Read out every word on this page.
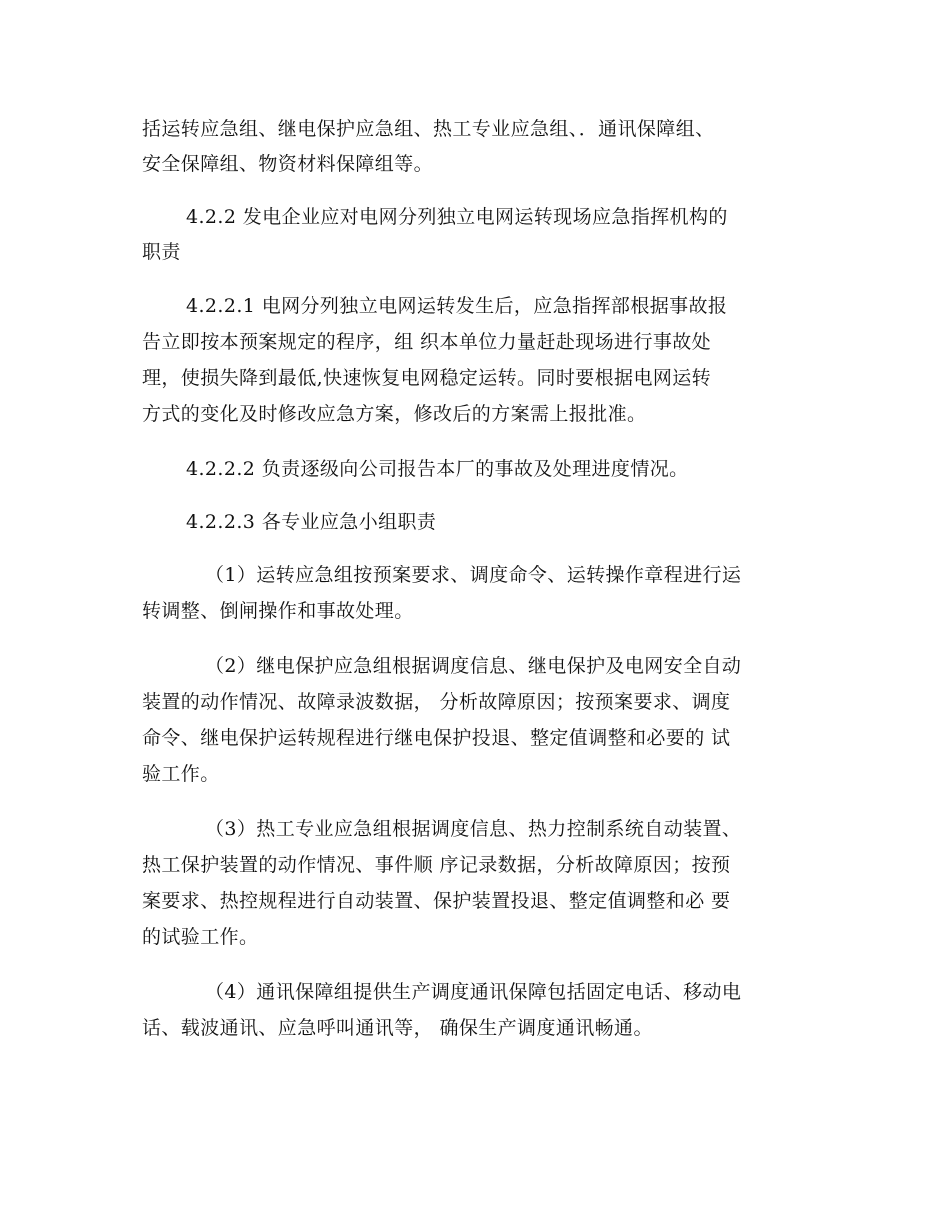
括运转应急组、继电保护应急组、热工专业应急组、．通讯保障组、
安全保障组、物资材料保障组等。
4.2.2 发电企业应对电网分列独立电网运转现场应急指挥机构的
职责
4.2.2.1 电网分列独立电网运转发生后，应急指挥部根据事故报
告立即按本预案规定的程序，组 织本单位力量赶赴现场进行事故处
理，使损失降到最低,快速恢复电网稳定运转。同时要根据电网运转
方式的变化及时修改应急方案，修改后的方案需上报批准。
4.2.2.2 负责逐级向公司报告本厂的事故及处理进度情况。
4.2.2.3 各专业应急小组职责
（1）运转应急组按预案要求、调度命令、运转操作章程进行运
转调整、倒闸操作和事故处理。
（2）继电保护应急组根据调度信息、继电保护及电网安全自动
装置的动作情况、故障录波数据， 分析故障原因；按预案要求、调度
命令、继电保护运转规程进行继电保护投退、整定值调整和必要的 试
验工作。
（3）热工专业应急组根据调度信息、热力控制系统自动装置、
热工保护装置的动作情况、事件顺 序记录数据，分析故障原因；按预
案要求、热控规程进行自动装置、保护装置投退、整定值调整和必 要
的试验工作。
（4）通讯保障组提供生产调度通讯保障包括固定电话、移动电
话、载波通讯、应急呼叫通讯等， 确保生产调度通讯畅通。
